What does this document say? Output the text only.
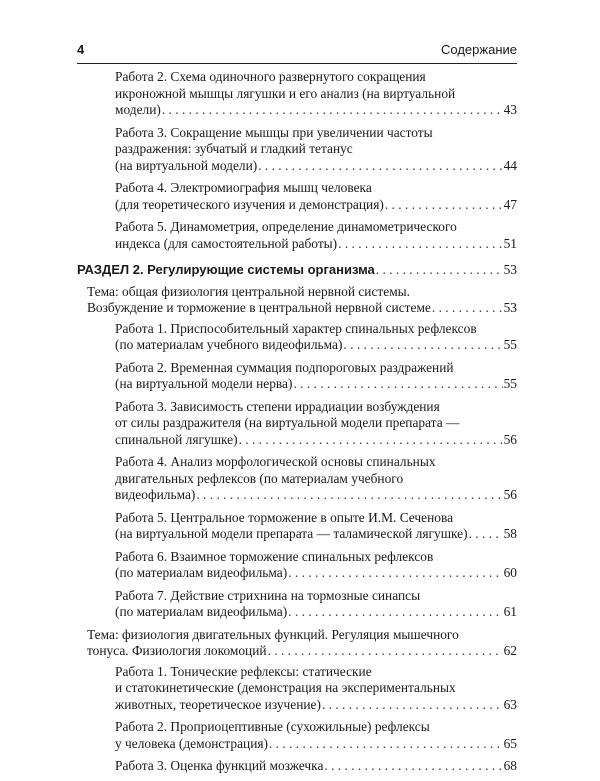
4	Содержание
Работа 2. Схема одиночного развернутого сокращения
икроножной мышцы лягушки и его анализ (на виртуальной
модели) . . .	43
Работа 3. Сокращение мышцы при увеличении частоты
раздражения: зубчатый и гладкий тетанус
(на виртуальной модели) . . .	44
Работа 4. Электромиография мышц человека
(для теоретического изучения и демонстрация) . . .	47
Работа 5. Динамометрия, определение динамометрического
индекса (для самостоятельной работы) . . .	51
РАЗДЕЛ 2. Регулирующие системы организма . . .	53
Тема: общая физиология центральной нервной системы.
Возбуждение и торможение в центральной нервной системе . . .	53
Работа 1. Приспособительный характер спинальных рефлексов
(по материалам учебного видеофильма) . . .	55
Работа 2. Временная суммация подпороговых раздражений
(на виртуальной модели нерва) . . .	55
Работа 3. Зависимость степени иррадиации возбуждения
от силы раздражителя (на виртуальной модели препарата —
спинальной лягушке) . . .	56
Работа 4. Анализ морфологической основы спинальных
двигательных рефлексов (по материалам учебного
видеофильма) . . .	56
Работа 5. Центральное торможение в опыте И.М. Сеченова
(на виртуальной модели препарата — таламической лягушке) . . .	58
Работа 6. Взаимное торможение спинальных рефлексов
(по материалам видеофильма) . . .	60
Работа 7. Действие стрихнина на тормозные синапсы
(по материалам видеофильма) . . .	61
Тема: физиология двигательных функций. Регуляция мышечного
тонуса. Физиология локомоций . . .	62
Работа 1. Тонические рефлексы: статические
и статокинетические (демонстрация на экспериментальных
животных, теоретическое изучение) . . .	63
Работа 2. Проприоцептивные (сухожильные) рефлексы
у человека (демонстрация) . . .	65
Работа 3. Оценка функций мозжечка . . .	68
